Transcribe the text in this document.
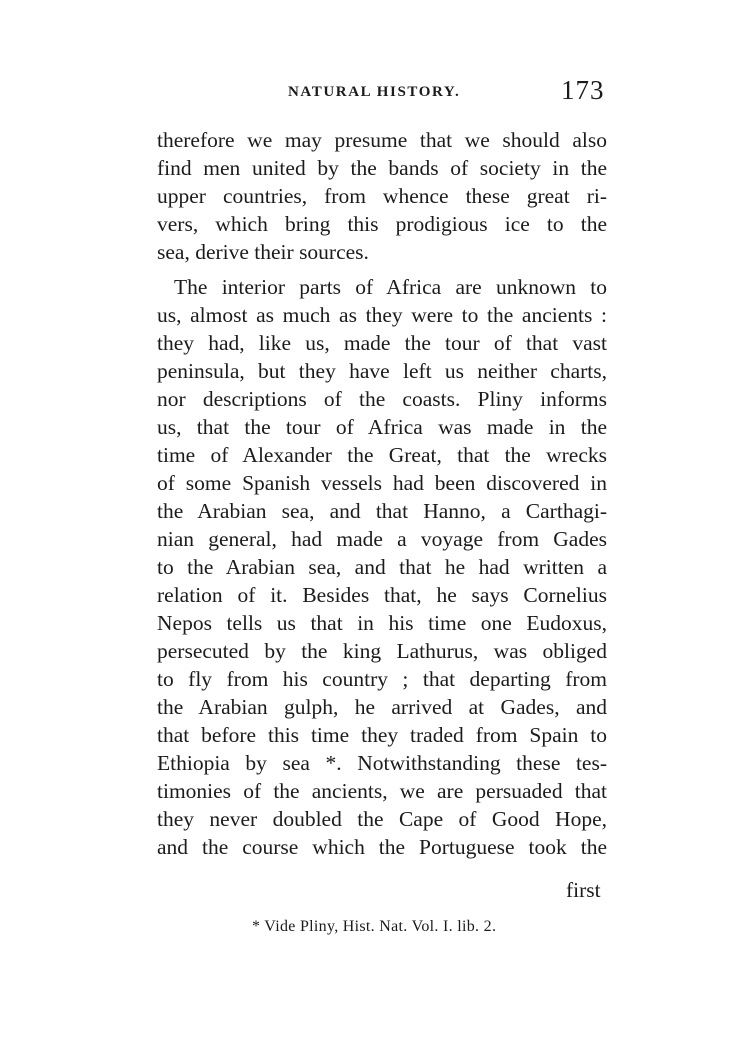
NATURAL HISTORY.	173
therefore we may presume that we should also
find men united by the bands of society in the
upper countries, from whence these great ri-
vers, which bring this prodigious ice to the
sea, derive their sources.
The interior parts of Africa are unknown to
us, almost as much as they were to the ancients :
they had, like us, made the tour of that vast
peninsula, but they have left us neither charts,
nor descriptions of the coasts. Pliny informs
us, that the tour of Africa was made in the
time of Alexander the Great, that the wrecks
of some Spanish vessels had been discovered in
the Arabian sea, and that Hanno, a Carthagi-
nian general, had made a voyage from Gades
to the Arabian sea, and that he had written a
relation of it. Besides that, he says Cornelius
Nepos tells us that in his time one Eudoxus,
persecuted by the king Lathurus, was obliged
to fly from his country ; that departing from
the Arabian gulph, he arrived at Gades, and
that before this time they traded from Spain to
Ethiopia by sea *. Notwithstanding these tes-
timonies of the ancients, we are persuaded that
they never doubled the Cape of Good Hope,
and the course which the Portuguese took the
first
* Vide Pliny, Hist. Nat. Vol. I. lib. 2.
